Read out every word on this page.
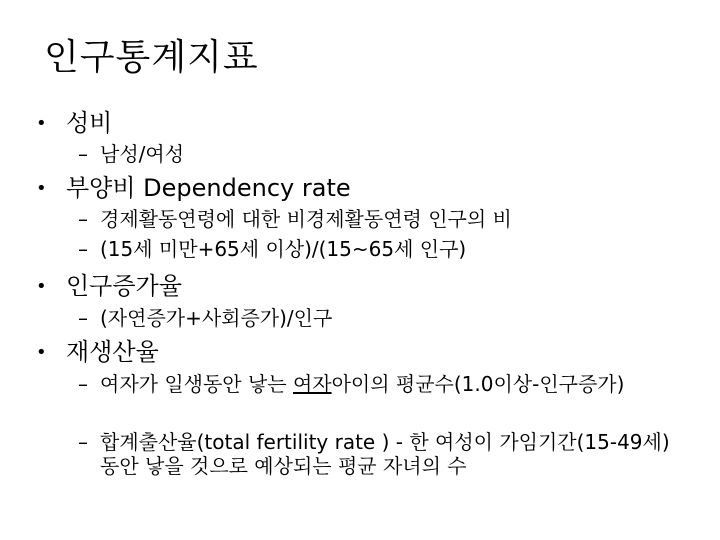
인구통계지표
• 성비
– 남성/여성
• 부양비 Dependency rate
– 경제활동연령에 대한 비경제활동연령 인구의 비
– (15세 미만+65세 이상)/(15~65세 인구)
• 인구증가율
– (자연증가+사회증가)/인구
• 재생산율
– 여자가 일생동안 낳는 여자아이의 평균수(1.0이상-인구증가)
– 합계출산율(total fertility rate ) - 한 여성이 가임기간(15-49세) 동안 낳을 것으로 예상되는 평균 자녀의 수
